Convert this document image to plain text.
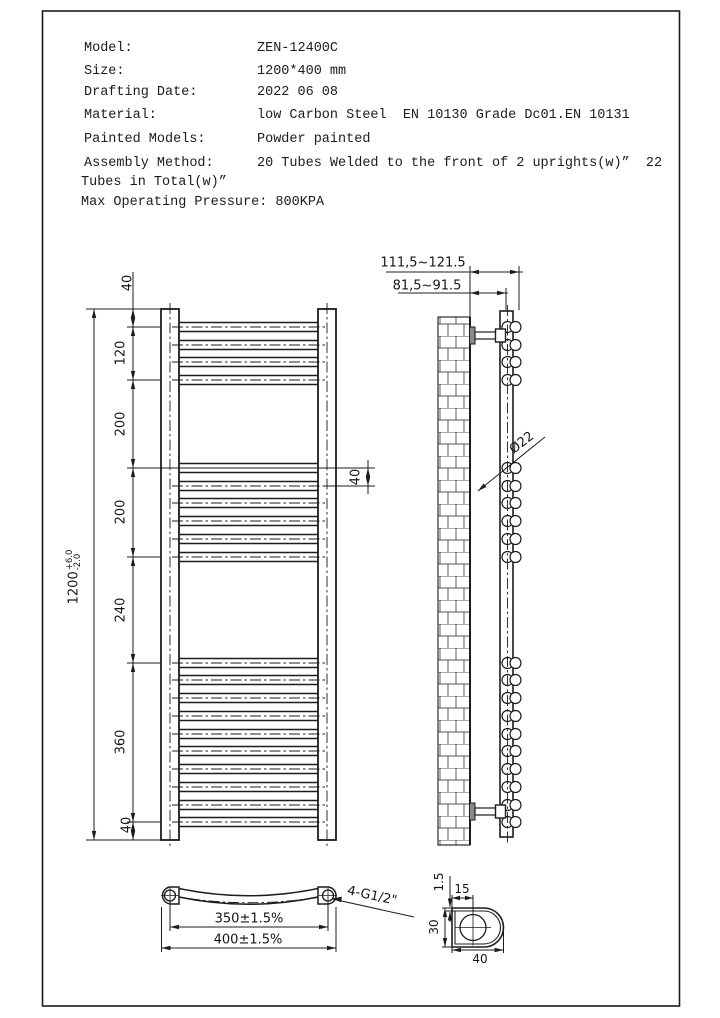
Model:	ZEN-12400C
Size:	1200*400 mm
Drafting Date:	2022 06 08
Material:	low Carbon Steel  EN 10130 Grade Dc01.EN 10131
Painted Models:	Powder painted
Assembly Method:	20 Tubes Welded to the front of 2 uprights(w)”  22
Tubes in Total(w)”
Max Operating Pressure: 800KPA
40
120
200
200
240
360
40
1200
+6.0
-2.0
40
111,5~121.5
81,5~91.5
Ø22
350±1.5%
400±1.5%
4-G1/2"
1.5 15
30
40
